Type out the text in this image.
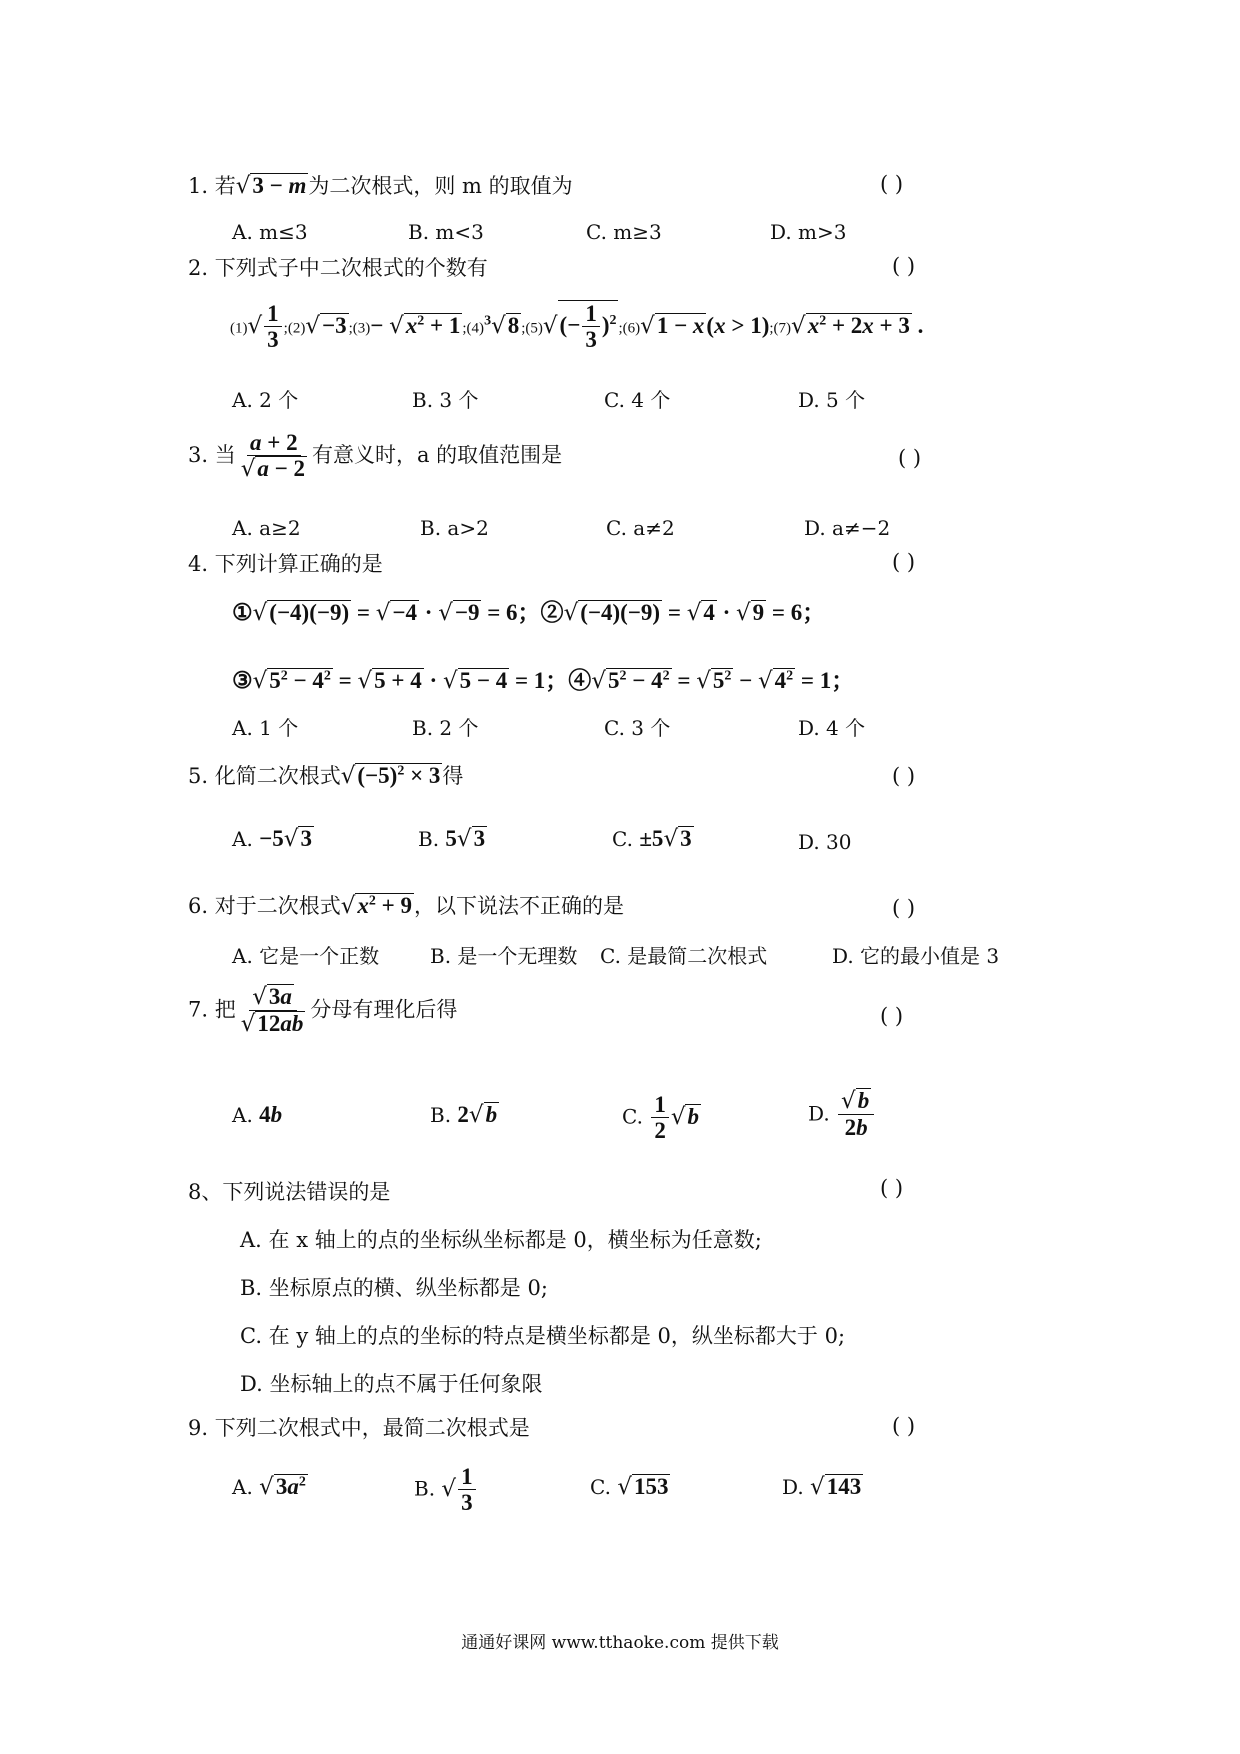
1. 若√3 − m为二次根式，则 m 的取值为	( )
A. m≤3	B. m<3	C. m≥3	D. m>3
2. 下列式子中二次根式的个数有	( )
$(1)√ \frac{1}{3}$ ;(2)√−3 ;(3)− $√x^2 + 1$ $;(4)^3√8$ ;(5)√(− $\frac{1}{3}$ )$^2$;(6)√1 − $x(x > 1);(7)√x^2 + 2x + 3$ .
A. 2 个	B. 3 个	C. 4 个	D. 5 个
3. 当 $\frac{a + 2}{√a - 2}$ 有意义时，a 的取值范围是	( )
A. a≥2	B. a>2	C. a≠2	D. a≠−2
4. 下列计算正确的是	( )
①√(−4)(−9) = √−4 · √−9 = 6；②√(−4)(−9) = √4 · √9 = 6；
$③√5^2 - 4^2 = √5 + 4 \cdot √5 - 4 = 1$；$④√5^2 - 4^2 = √5^2 - √4^2 = 1$；
A. 1 个	B. 2 个	C. 3 个	D. 4 个
5. 化简二次根式$√(-5)^2 \times 3$得	( )
A. −5√3	B. 5√3	C. ±5√3	D. 30
6. 对于二次根式$√x^2 + 9$，以下说法不正确的是	( )
A. 它是一个正数	B. 是一个无理数 C. 是最简二次根式	D. 它的最小值是 3
7. 把 $\frac{√3a}{√12ab}$ 分母有理化后得	( )
A. 4b	B. 2√b	C. $\frac{1}{2} √b$	D. $\frac{√b}{2b}$
8、下列说法错误的是	( )
A. 在 x 轴上的点的坐标纵坐标都是 0，横坐标为任意数;
B. 坐标原点的横、纵坐标都是 0;
C. 在 y 轴上的点的坐标的特点是横坐标都是 0，纵坐标都大于 0;
D. 坐标轴上的点不属于任何象限
9. 下列二次根式中，最简二次根式是	( )
A. $√3a^2$	B. √ $\frac{1}{3}$	C. √153	D. √143
通通好课网 www.tthaoke.com 提供下载
